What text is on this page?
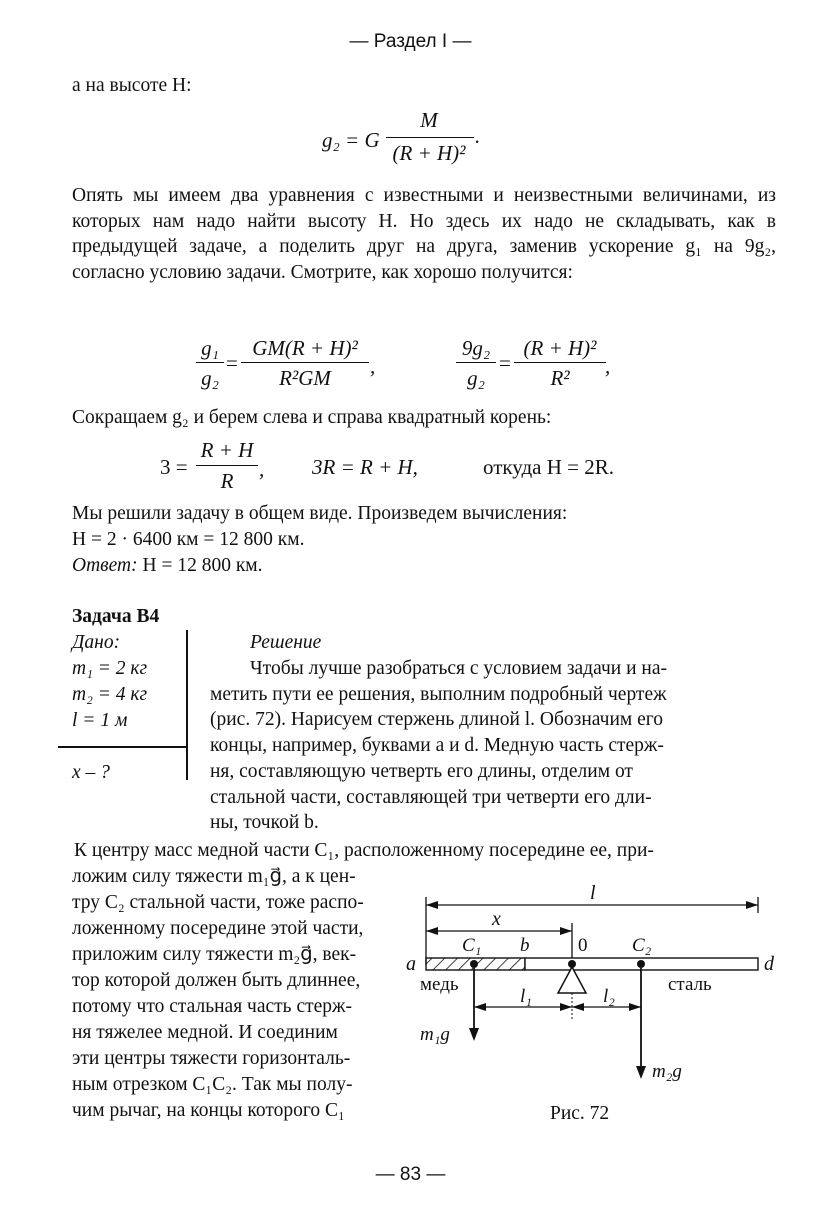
— Раздел I —
а на высоте H:
g₂ = G
M
(R + H)²
.
Опять мы имеем два уравнения с известными и неизвестными величинами, из которых нам надо найти высоту H. Но здесь их надо не складывать, как в предыдущей задаче, а поделить друг на друга, заменив ускорение g₁ на 9g₂, согласно условию задачи. Смотрите, как хорошо получится:
g₁
g₂
=
GM(R + H)²
R²GM	,
9g₂
g₂
=
(R + H)²
R²	,
Сокращаем g₂ и берем слева и справа квадратный корень:
3 =
R + H
R	, 3R = R + H,	откуда H = 2R.
Мы решили задачу в общем виде. Произведем вычисления:
H = 2 · 6400 км = 12 800 км.
Ответ: H = 12 800 км.
Задача B4
Дано:
m₁ = 2 кг
m₂ = 4 кг
l = 1 м
x – ?
Решение
Чтобы лучше разобраться с условием задачи и на-
метить пути ее решения, выполним подробный чертеж
(рис. 72). Нарисуем стержень длиной l. Обозначим его
концы, например, буквами a и d. Медную часть стерж-
ня, составляющую четверть его длины, отделим от
стальной части, составляющей три четверти его дли-
ны, точкой b.
К центру масс медной части C₁, расположенному посередине ее, при-
ложим силу тяжести m₁g⃗, а к цен-
тру C₂ стальной части, тоже распо-
ложенному посередине этой части,
приложим силу тяжести m₂g⃗, век-
тор которой должен быть длиннее,
потому что стальная часть стерж-
ня тяжелее медной. И соединим
эти центры тяжести горизонталь-
ным отрезком C₁C₂. Так мы полу-
чим рычаг, на концы которого C₁
l
x
C₁ b	0 C₂
a	d
медь	сталь
l₁	l₂
m₁g⃗
m₂g⃗
Рис. 72
— 83 —
